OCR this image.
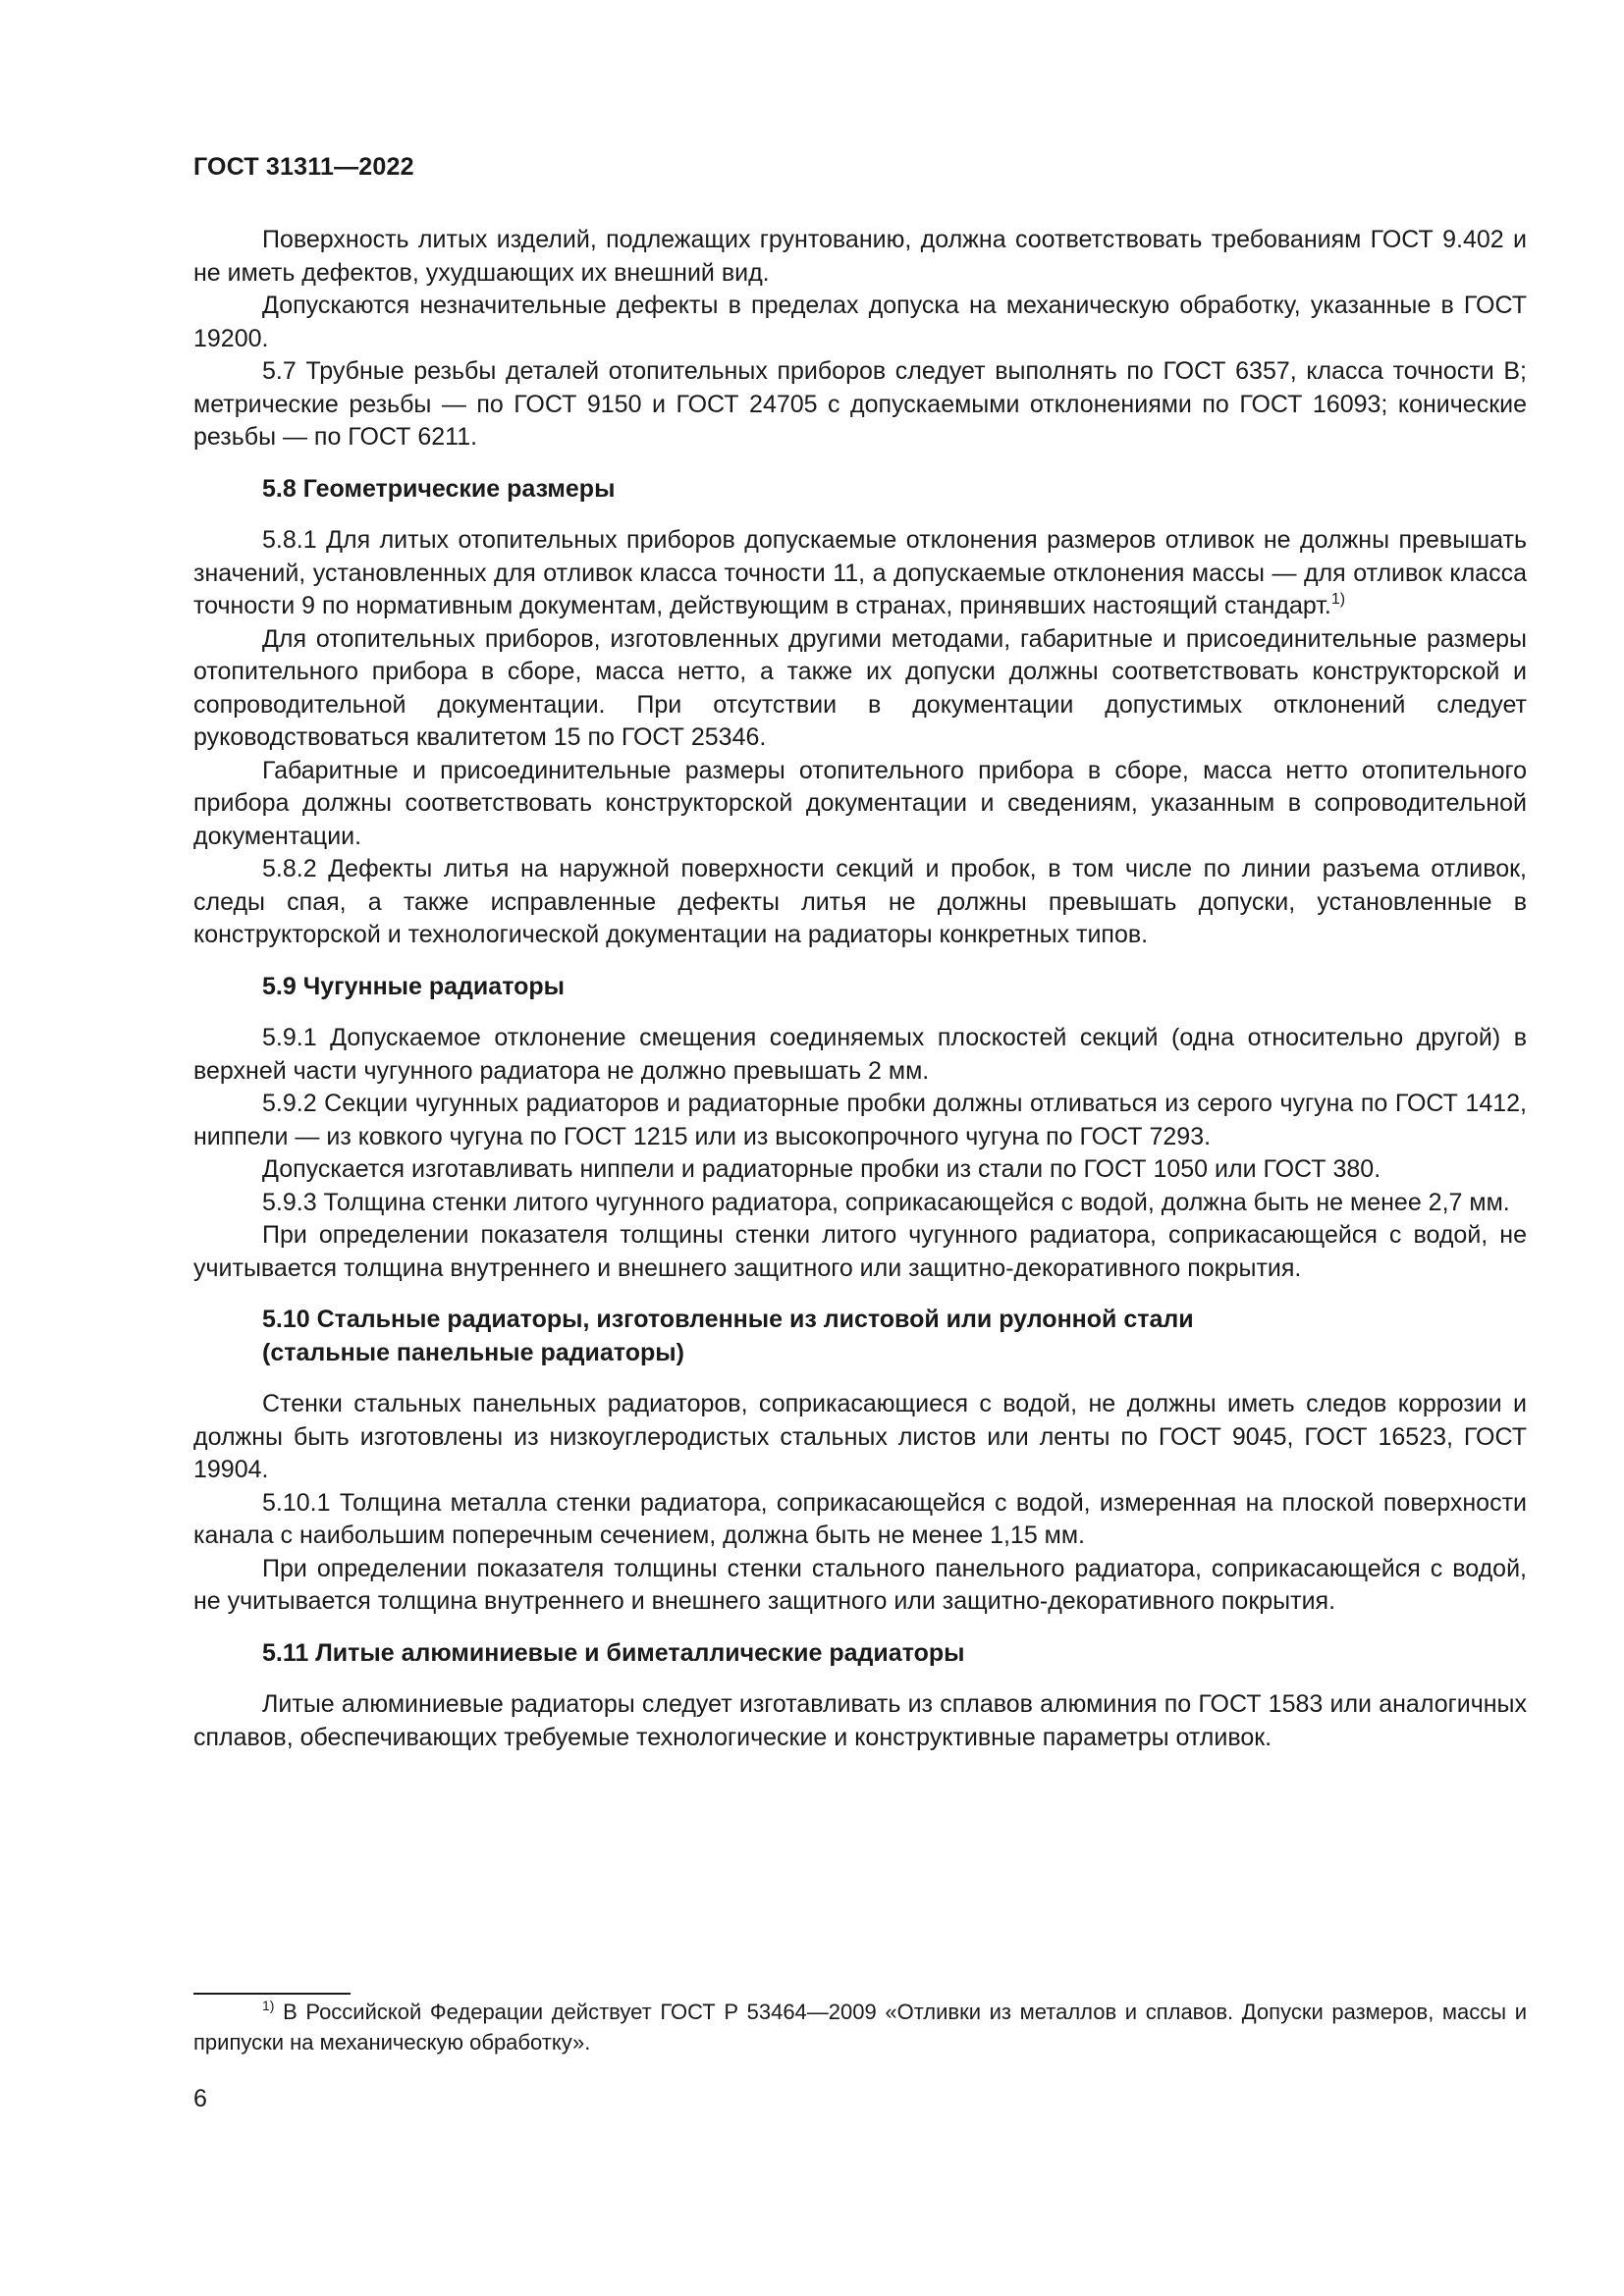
ГОСТ 31311—2022

Поверхность литых изделий, подлежащих грунтованию, должна соответствовать требованиям ГОСТ 9.402 и не иметь дефектов, ухудшающих их внешний вид.

Допускаются незначительные дефекты в пределах допуска на механическую обработку, указанные в ГОСТ 19200.

5.7 Трубные резьбы деталей отопительных приборов следует выполнять по ГОСТ 6357, класса точности В; метрические резьбы — по ГОСТ 9150 и ГОСТ 24705 с допускаемыми отклонениями по ГОСТ 16093; конические резьбы — по ГОСТ 6211.

5.8 Геометрические размеры

5.8.1 Для литых отопительных приборов допускаемые отклонения размеров отливок не должны превышать значений, установленных для отливок класса точности 11, а допускаемые отклонения массы — для отливок класса точности 9 по нормативным документам, действующим в странах, принявших настоящий стандарт.$^{1)}$

Для отопительных приборов, изготовленных другими методами, габаритные и присоединительные размеры отопительного прибора в сборе, масса нетто, а также их допуски должны соответствовать конструкторской и сопроводительной документации. При отсутствии в документации допустимых отклонений следует руководствоваться квалитетом 15 по ГОСТ 25346.

Габаритные и присоединительные размеры отопительного прибора в сборе, масса нетто отопительного прибора должны соответствовать конструкторской документации и сведениям, указанным в сопроводительной документации.

5.8.2 Дефекты литья на наружной поверхности секций и пробок, в том числе по линии разъема отливок, следы спая, а также исправленные дефекты литья не должны превышать допуски, установленные в конструкторской и технологической документации на радиаторы конкретных типов.

5.9 Чугунные радиаторы

5.9.1 Допускаемое отклонение смещения соединяемых плоскостей секций (одна относительно другой) в верхней части чугунного радиатора не должно превышать 2 мм.

5.9.2 Секции чугунных радиаторов и радиаторные пробки должны отливаться из серого чугуна по ГОСТ 1412, ниппели — из ковкого чугуна по ГОСТ 1215 или из высокопрочного чугуна по ГОСТ 7293.

Допускается изготавливать ниппели и радиаторные пробки из стали по ГОСТ 1050 или ГОСТ 380.

5.9.3 Толщина стенки литого чугунного радиатора, соприкасающейся с водой, должна быть не менее 2,7 мм.

При определении показателя толщины стенки литого чугунного радиатора, соприкасающейся с водой, не учитывается толщина внутреннего и внешнего защитного или защитно-декоративного покрытия.

5.10 Стальные радиаторы, изготовленные из листовой или рулонной стали
(стальные панельные радиаторы)

Стенки стальных панельных радиаторов, соприкасающиеся с водой, не должны иметь следов коррозии и должны быть изготовлены из низкоуглеродистых стальных листов или ленты по ГОСТ 9045, ГОСТ 16523, ГОСТ 19904.

5.10.1 Толщина металла стенки радиатора, соприкасающейся с водой, измеренная на плоской поверхности канала с наибольшим поперечным сечением, должна быть не менее 1,15 мм.

При определении показателя толщины стенки стального панельного радиатора, соприкасающейся с водой, не учитывается толщина внутреннего и внешнего защитного или защитно-декоративного покрытия.

5.11 Литые алюминиевые и биметаллические радиаторы

Литые алюминиевые радиаторы следует изготавливать из сплавов алюминия по ГОСТ 1583 или аналогичных сплавов, обеспечивающих требуемые технологические и конструктивные параметры отливок.

$^{1)}$ В Российской Федерации действует ГОСТ Р 53464—2009 «Отливки из металлов и сплавов. Допуски размеров, массы и припуски на механическую обработку».

6
